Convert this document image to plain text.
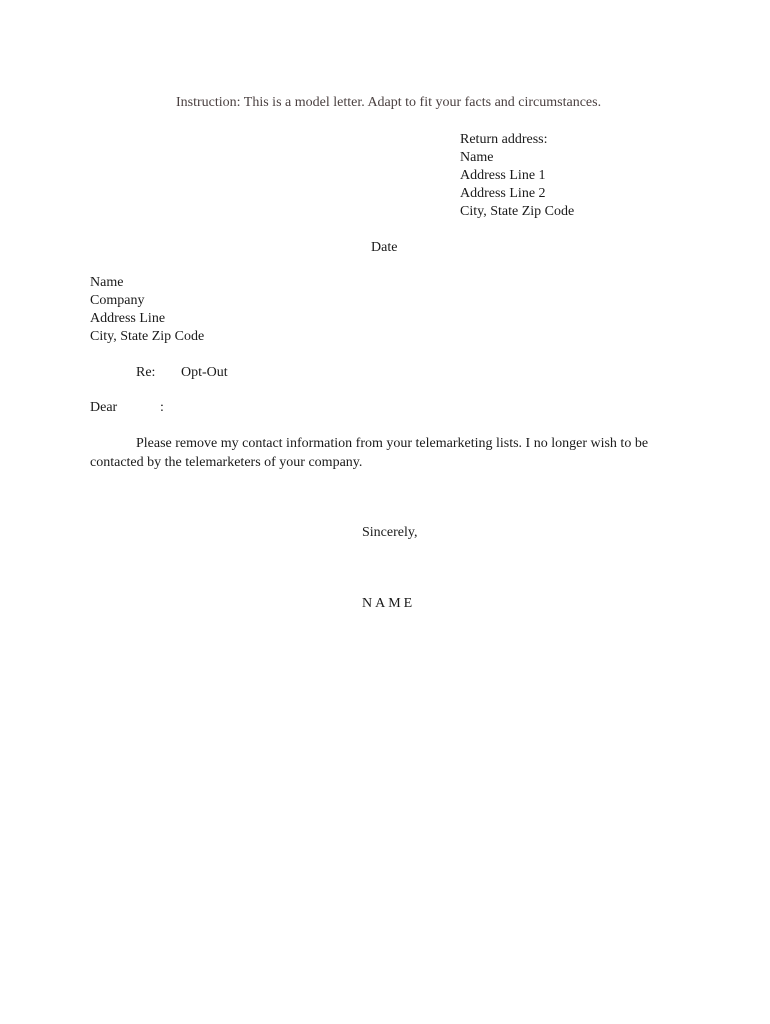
Instruction: This is a model letter. Adapt to fit your facts and circumstances.
Return address:
Name
Address Line 1
Address Line 2
City, State Zip Code
Date
Name
Company
Address Line
City, State Zip Code
Re: Opt-Out
Dear	:
Please remove my contact information from your telemarketing lists. I no longer wish to be contacted by the telemarketers of your company.
Sincerely,
NAME
